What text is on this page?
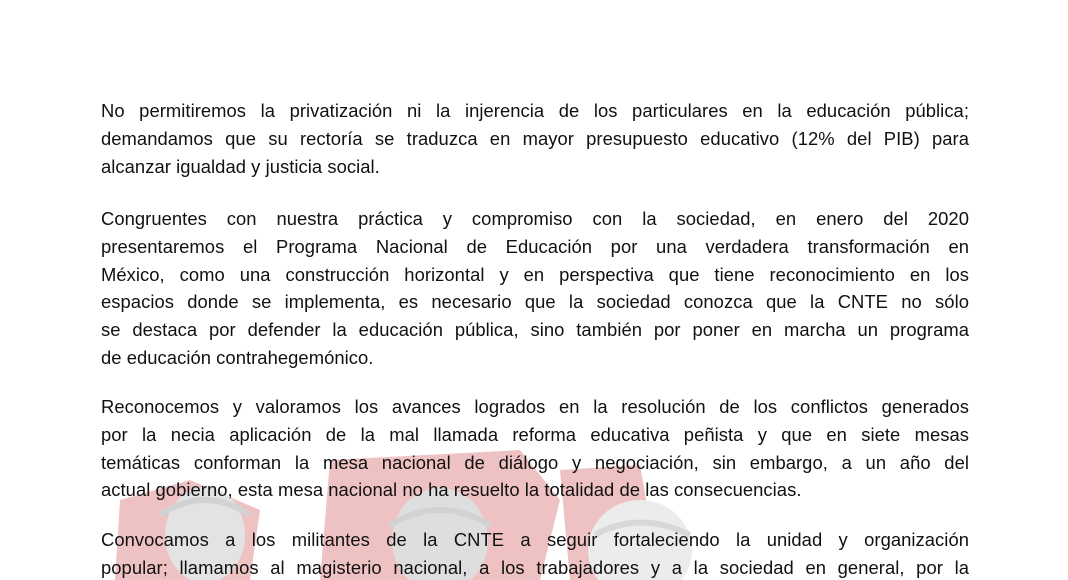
No permitiremos la privatización ni la injerencia de los particulares en la educación pública;
demandamos que su rectoría se traduzca en mayor presupuesto educativo (12% del PIB) para
alcanzar igualdad y justicia social.

Congruentes con nuestra práctica y compromiso con la sociedad, en enero del 2020
presentaremos el Programa Nacional de Educación por una verdadera transformación en
México, como una construcción horizontal y en perspectiva que tiene reconocimiento en los
espacios donde se implementa, es necesario que la sociedad conozca que la CNTE no sólo
se destaca por defender la educación pública, sino también por poner en marcha un programa
de educación contrahegemónico.

Reconocemos y valoramos los avances logrados en la resolución de los conflictos generados
por la necia aplicación de la mal llamada reforma educativa peñista y que en siete mesas
temáticas conforman la mesa nacional de diálogo y negociación, sin embargo, a un año del
actual gobierno, esta mesa nacional no ha resuelto la totalidad de las consecuencias.

Convocamos a los militantes de la CNTE a seguir fortaleciendo la unidad y organización
popular; llamamos al magisterio nacional, a los trabajadores y a la sociedad en general, por la
